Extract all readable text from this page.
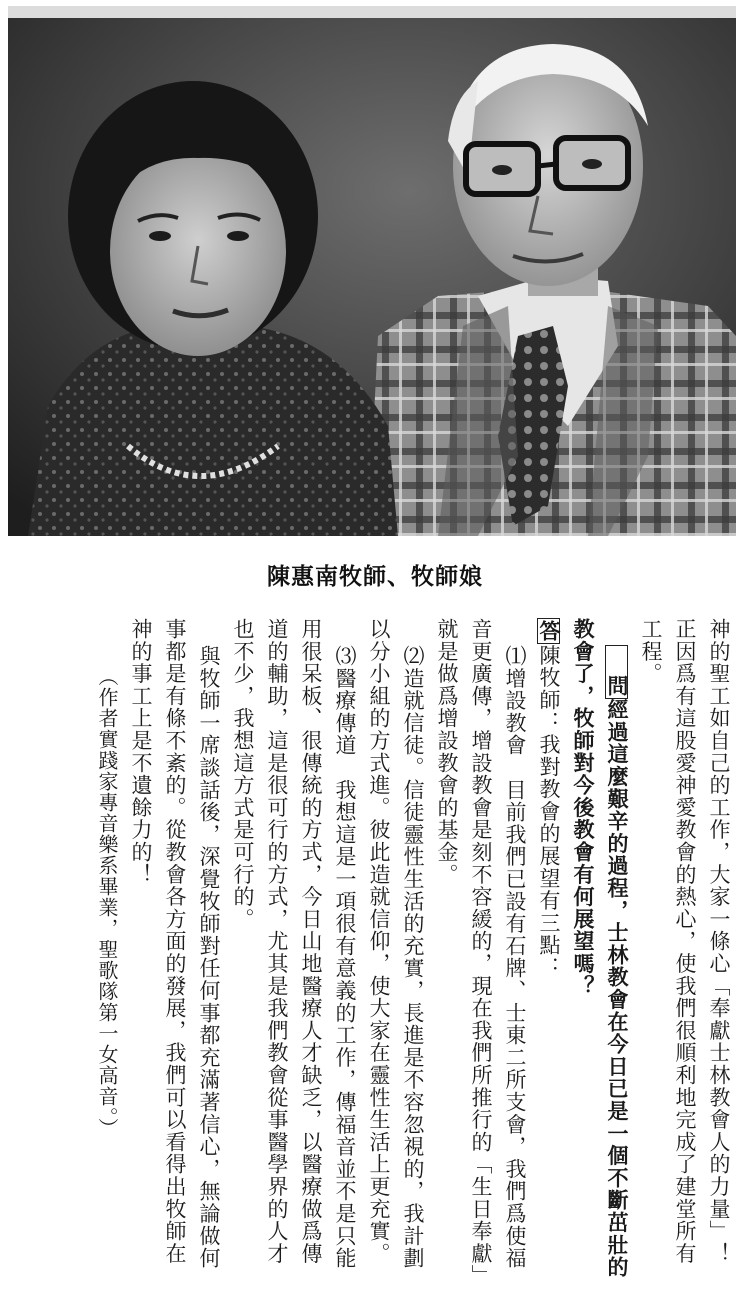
陳惠南牧師、牧師娘

神的聖工如自己的工作，大家一條心「奉獻士林教會人的力量」！正因爲有這股愛神愛教會的熱心，使我們很順利地完成了建堂所有工程。

問經過這麼艱辛的過程，士林教會在今日已是一個不斷茁壯的教會了，牧師對今後教會有何展望嗎？

答陳牧師：我對教會的展望有三點：

⑴增設教會　目前我們已設有石牌、士東二所支會，我們爲使福音更廣傳，增設教會是刻不容緩的，現在我們所推行的「生日奉獻」就是做爲增設教會的基金。

⑵造就信徒。信徒靈性生活的充實，長進是不容忽視的，我計劃以分小組的方式進。彼此造就信仰，使大家在靈性生活上更充實。

⑶醫療傳道　我想這是一項很有意義的工作，傳福音並不是只能用很呆板、很傳統的方式，今日山地醫療人才缺乏，以醫療做爲傳道的輔助，這是很可行的方式，尤其是我們教會從事醫學界的人才也不少，我想這方式是可行的。

與牧師一席談話後，深覺牧師對任何事都充滿著信心，無論做何事都是有條不紊的。從教會各方面的發展，我們可以看得出牧師在神的事工上是不遺餘力的！

（作者實踐家專音樂系畢業，聖歌隊第一女高音。）
